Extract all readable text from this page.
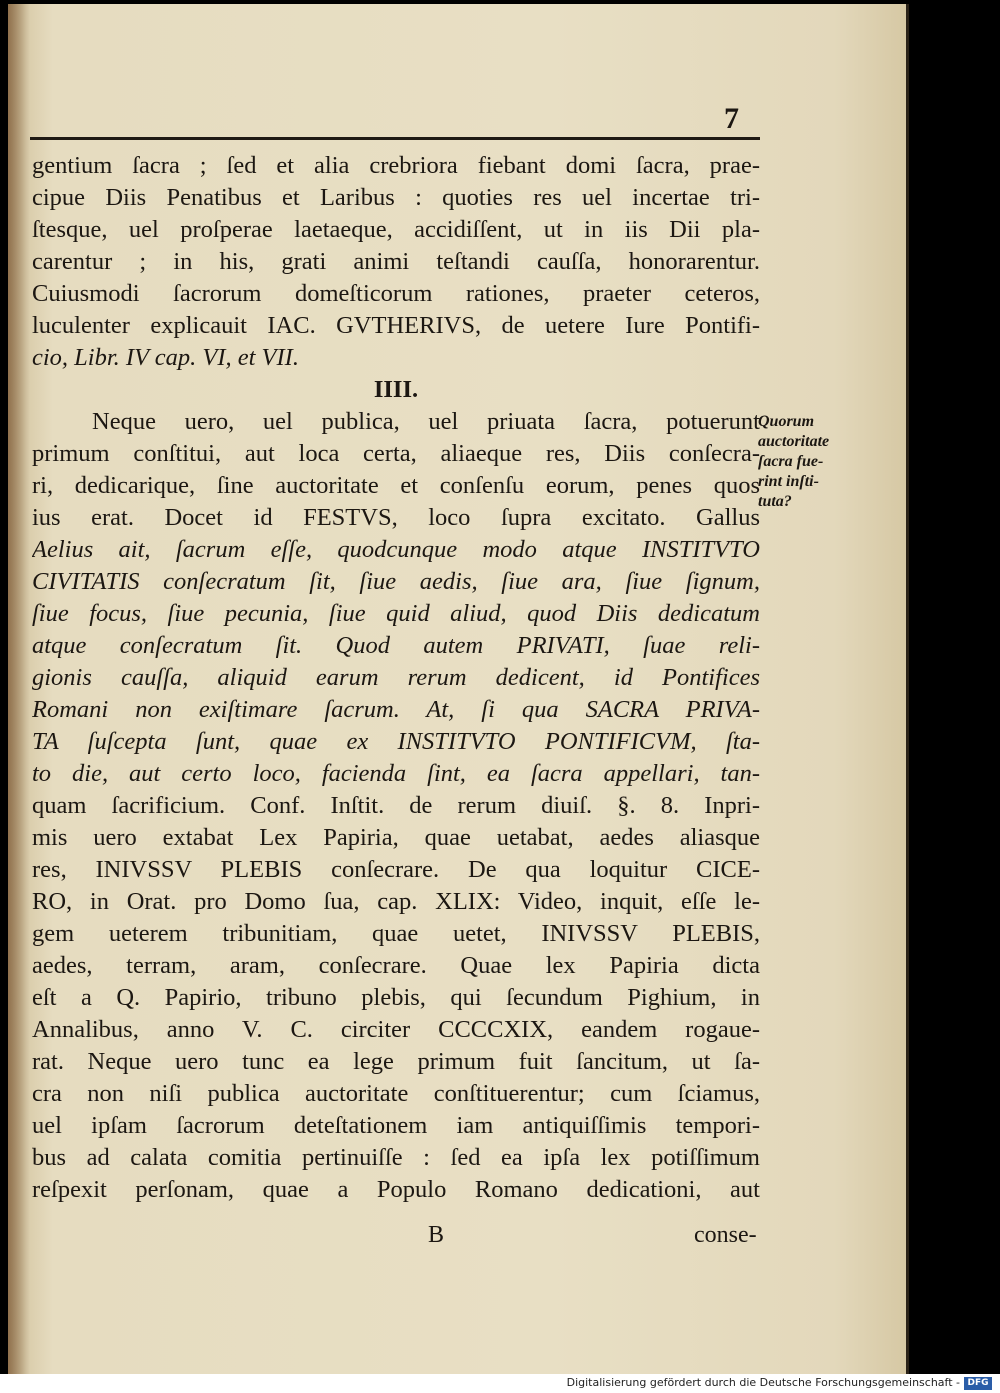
7
gentium ſacra ; ſed et alia crebriora fiebant domi ſacra, prae-
cipue Diis Penatibus et Laribus : quoties res uel incertae tri-
ſtesque, uel proſperae laetaeque, accidiſſent, ut in iis Dii pla-
carentur ; in his, grati animi teſtandi cauſſa, honorarentur.
Cuiusmodi ſacrorum domeſticorum rationes, praeter ceteros,
luculenter explicauit IAC. GVTHERIVS, de uetere Iure Pontifi-
cio, Libr. IV cap. VI, et VII.
IIII.
Neque uero, uel publica, uel priuata ſacra, potuerunt
primum conſtitui, aut loca certa, aliaeque res, Diis conſecra-
ri, dedicarique, ſine auctoritate et conſenſu eorum, penes quos
ius erat. Docet id FESTVS, loco ſupra excitato. Gallus
Aelius ait, ſacrum eſſe, quodcunque modo atque INSTITVTO
CIVITATIS conſecratum ſit, ſiue aedis, ſiue ara, ſiue ſignum,
ſiue focus, ſiue pecunia, ſiue quid aliud, quod Diis dedicatum
atque conſecratum ſit. Quod autem PRIVATI, ſuae reli-
gionis cauſſa, aliquid earum rerum dedicent, id Pontifices
Romani non exiſtimare ſacrum. At, ſi qua SACRA PRIVA-
TA ſuſcepta ſunt, quae ex INSTITVTO PONTIFICVM, ſta-
to die, aut certo loco, facienda ſint, ea ſacra appellari, tan-
quam ſacrificium. Conf. Inſtit. de rerum diuiſ. §. 8. Inpri-
mis uero extabat Lex Papiria, quae uetabat, aedes aliasque
res, INIVSSV PLEBIS conſecrare. De qua loquitur CICE-
RO, in Orat. pro Domo ſua, cap. XLIX: Video, inquit, eſſe le-
gem ueterem tribunitiam, quae uetet, INIVSSV PLEBIS,
aedes, terram, aram, conſecrare. Quae lex Papiria dicta
eſt a Q. Papirio, tribuno plebis, qui ſecundum Pighium, in
Annalibus, anno V. C. circiter CCCCXIX, eandem rogaue-
rat. Neque uero tunc ea lege primum fuit ſancitum, ut ſa-
cra non niſi publica auctoritate conſtituerentur; cum ſciamus,
uel ipſam ſacrorum deteſtationem iam antiquiſſimis tempori-
bus ad calata comitia pertinuiſſe : ſed ea ipſa lex potiſſimum
reſpexit perſonam, quae a Populo Romano dedicationi, aut
Quorum
auctoritate
ſacra fue-
rint inſti-
tuta?
B	conse-
Digitalisierung gefördert durch die Deutsche Forschungsgemeinschaft - DFG
